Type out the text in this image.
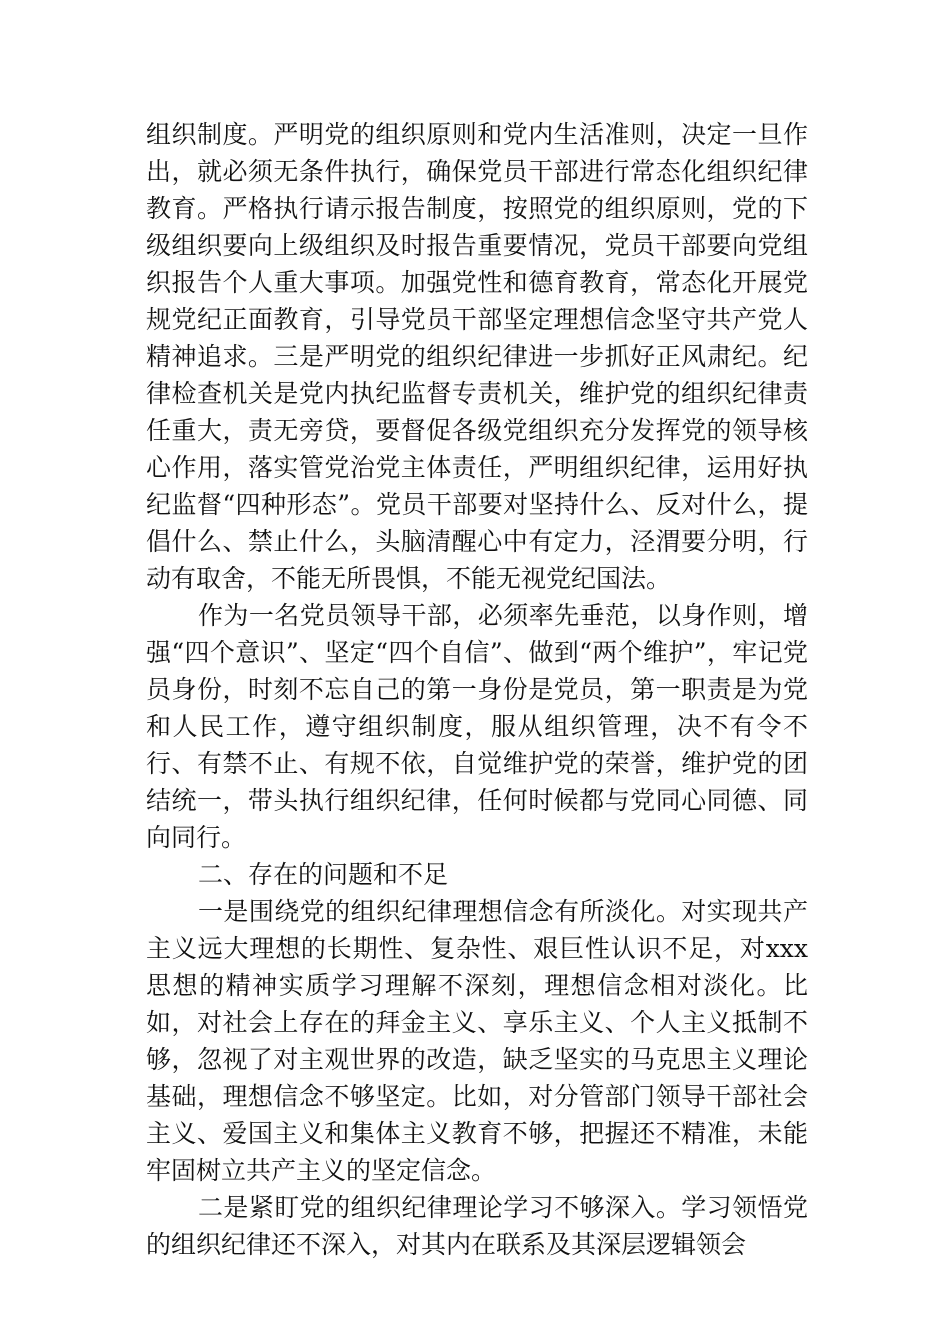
组织制度。严明党的组织原则和党内生活准则，决定一旦作出，就必须无条件执行，确保党员干部进行常态化组织纪律教育。严格执行请示报告制度，按照党的组织原则，党的下级组织要向上级组织及时报告重要情况，党员干部要向党组织报告个人重大事项。加强党性和德育教育，常态化开展党规党纪正面教育，引导党员干部坚定理想信念坚守共产党人精神追求。三是严明党的组织纪律进一步抓好正风肃纪。纪律检查机关是党内执纪监督专责机关，维护党的组织纪律责任重大，责无旁贷，要督促各级党组织充分发挥党的领导核心作用，落实管党治党主体责任，严明组织纪律，运用好执纪监督“四种形态”。党员干部要对坚持什么、反对什么，提倡什么、禁止什么，头脑清醒心中有定力，泾渭要分明，行动有取舍，不能无所畏惧，不能无视党纪国法。

作为一名党员领导干部，必须率先垂范，以身作则，增强“四个意识”、坚定“四个自信”、做到“两个维护”，牢记党员身份，时刻不忘自己的第一身份是党员，第一职责是为党和人民工作，遵守组织制度，服从组织管理，决不有令不行、有禁不止、有规不依，自觉维护党的荣誉，维护党的团结统一，带头执行组织纪律，任何时候都与党同心同德、同向同行。

二、存在的问题和不足

一是围绕党的组织纪律理想信念有所淡化。对实现共产主义远大理想的长期性、复杂性、艰巨性认识不足，对xxx思想的精神实质学习理解不深刻，理想信念相对淡化。比如，对社会上存在的拜金主义、享乐主义、个人主义抵制不够，忽视了对主观世界的改造，缺乏坚实的马克思主义理论基础，理想信念不够坚定。比如，对分管部门领导干部社会主义、爱国主义和集体主义教育不够，把握还不精准，未能牢固树立共产主义的坚定信念。

二是紧盯党的组织纪律理论学习不够深入。学习领悟党的组织纪律还不深入，对其内在联系及其深层逻辑领会
